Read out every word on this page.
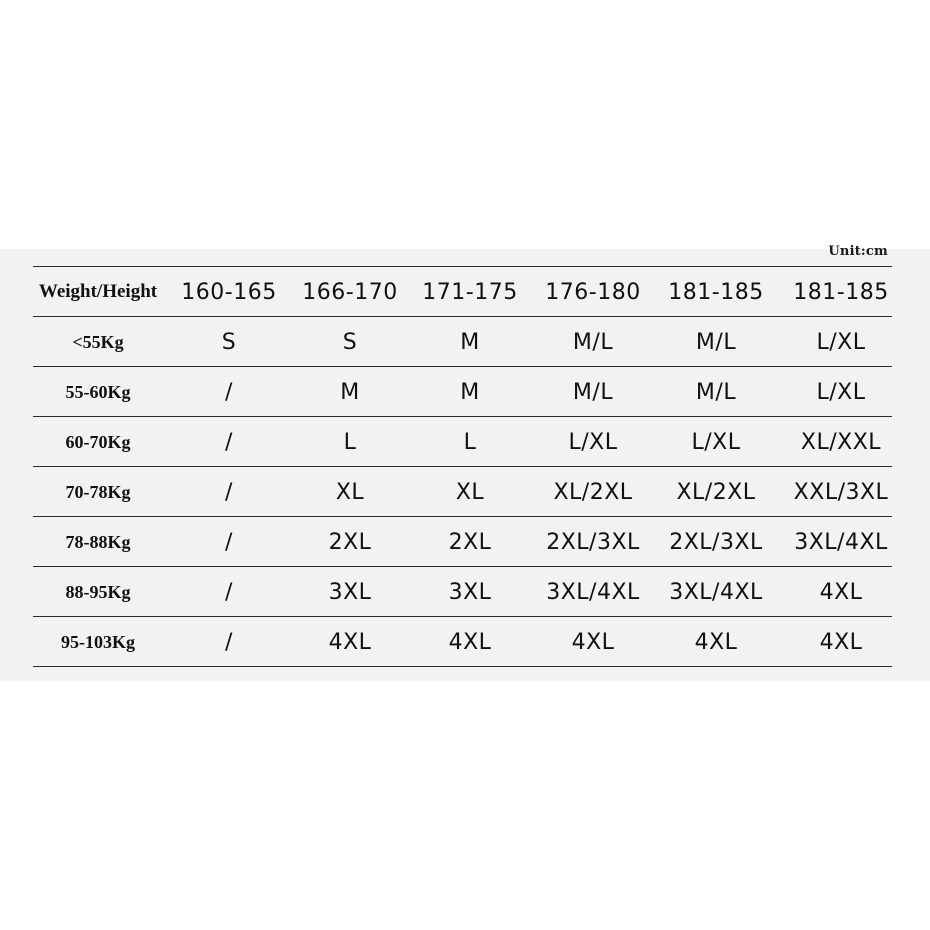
Unit:cm
Weight/Height	160-165	166-170	171-175	176-180	181-185	181-185
<55Kg	S	S	M	M/L	M/L	L/XL
55-60Kg	/	M	M	M/L	M/L	L/XL
60-70Kg	/	L	L	L/XL	L/XL	XL/XXL
70-78Kg	/	XL	XL	XL/2XL	XL/2XL	XXL/3XL
78-88Kg	/	2XL	2XL	2XL/3XL	2XL/3XL	3XL/4XL
88-95Kg	/	3XL	3XL	3XL/4XL	3XL/4XL	4XL
95-103Kg	/	4XL	4XL	4XL	4XL	4XL
